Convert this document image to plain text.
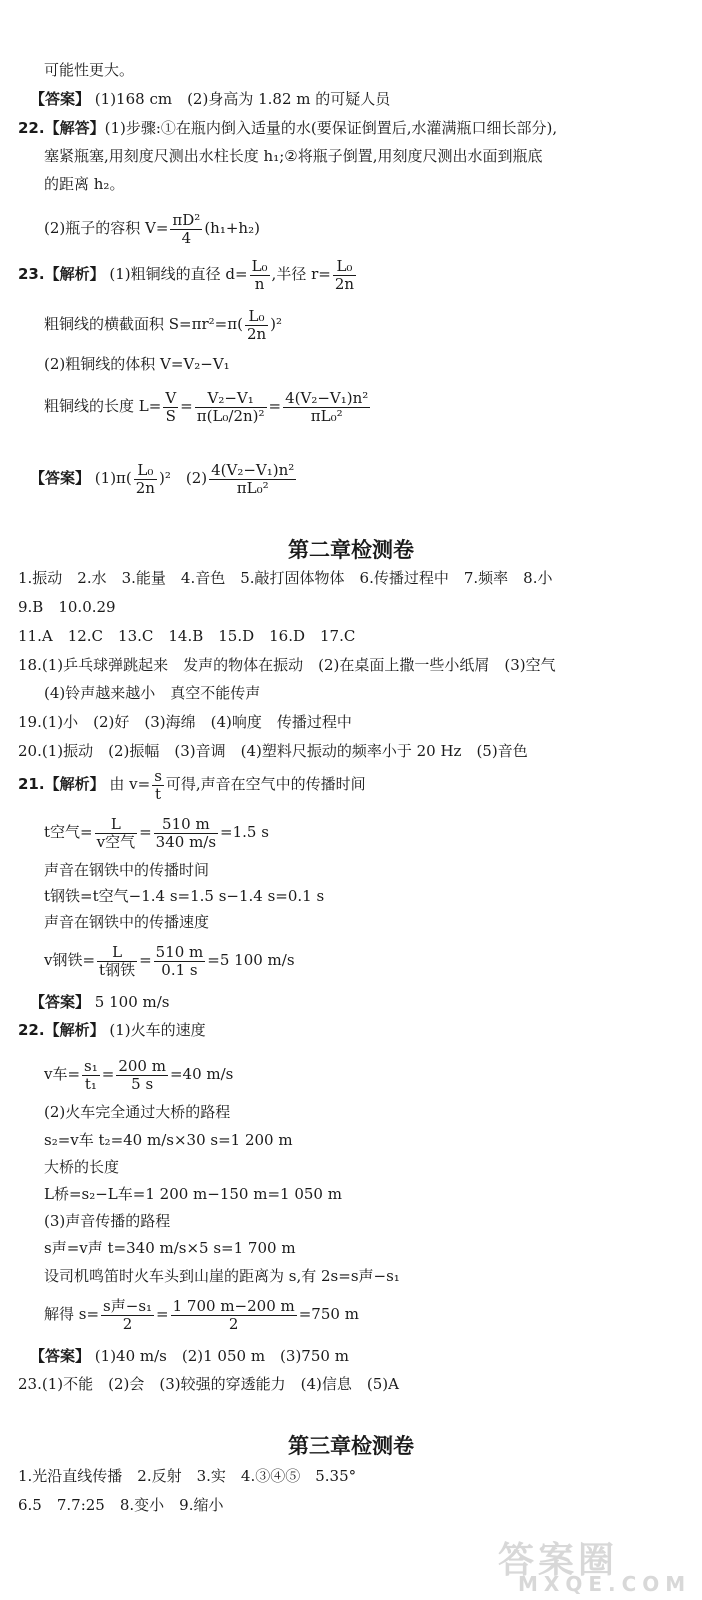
可能性更大。
【答案】 (1)168 cm　(2)身高为 1.82 m 的可疑人员
22.【解答】(1)步骤:①在瓶内倒入适量的水(要保证倒置后,水灌满瓶口细长部分),
塞紧瓶塞,用刻度尺测出水柱长度 h₁;②将瓶子倒置,用刻度尺测出水面到瓶底
的距离 h₂。
(2)瓶子的容积 $V= \frac{\text{πD²}}{4} (h_1+h_2)$
23.【解析】 (1)粗铜线的直径 $d= \frac{\text{L₀}}{n}$ ,半径 $r= \frac{\text{L₀}}{2n}$
粗铜线的横截面积 $S=\pi r^2=\pi( \frac{\text{L₀}}{2n} )^2$
(2)粗铜线的体积 V=V₂−V₁
粗铜线的长度 $L= \frac{V}{S} = \frac{\text{V₂−V₁}}{\text{π(L₀/2n)²}} = \frac{\text{4(V₂−V₁)n²}}{\text{πL₀²}}$
【答案】 $(1)\pi( \frac{\text{L₀}}{2n} )^2$　 $(2) \frac{\text{4(V₂−V₁)n²}}{\text{πL₀²}}$
第二章检测卷
1.振动　2.水　3.能量　4.音色　5.敲打固体物体　6.传播过程中　7.频率　8.小
9.B　10.0.29
11.A　12.C　13.C　14.B　15.D　16.D　17.C
18.(1)乒乓球弹跳起来　发声的物体在振动　(2)在桌面上撒一些小纸屑　(3)空气
(4)铃声越来越小　真空不能传声
19.(1)小　(2)好　(3)海绵　(4)响度　传播过程中
20.(1)振动　(2)振幅　(3)音调　(4)塑料尺振动的频率小于 20 Hz　(5)音色
21.【解析】 由 $v= \frac{s}{t}$ 可得,声音在空气中的传播时间
t空气= $\frac{L}{\text{v空气}} = \frac{510 m}{340 m/s} =1.5$ s
声音在钢铁中的传播时间
t钢铁=t空气−1.4 s=1.5 s−1.4 s=0.1 s
声音在钢铁中的传播速度
v钢铁= $\frac{L}{\text{t钢铁}} = \frac{510 m}{0.1 s} =5$ 100 m/s
【答案】 5 100 m/s
22.【解析】 (1)火车的速度
v车= $\frac{\text{s₁}}{\text{t₁}} = \frac{200 m}{5 s} =40$ m/s
(2)火车完全通过大桥的路程
s₂=v车 t₂=40 m/s×30 s=1 200 m
大桥的长度
L桥=s₂−L车=1 200 m−150 m=1 050 m
(3)声音传播的路程
s声=v声 t=340 m/s×5 s=1 700 m
设司机鸣笛时火车头到山崖的距离为 s,有 2s=s声−s₁
解得 $s= \frac{\text{s声−s₁}}{2} = \frac{1 700 m-200 m}{2} =750$ m
【答案】 (1)40 m/s　(2)1 050 m　(3)750 m
23.(1)不能　(2)会　(3)较强的穿透能力　(4)信息　(5)A
第三章检测卷
1.光沿直线传播　2.反射　3.实　4.③④⑤　5.35°
6.5　7.7:25　8.变小　9.缩小
答案圈
MXQE.COM
